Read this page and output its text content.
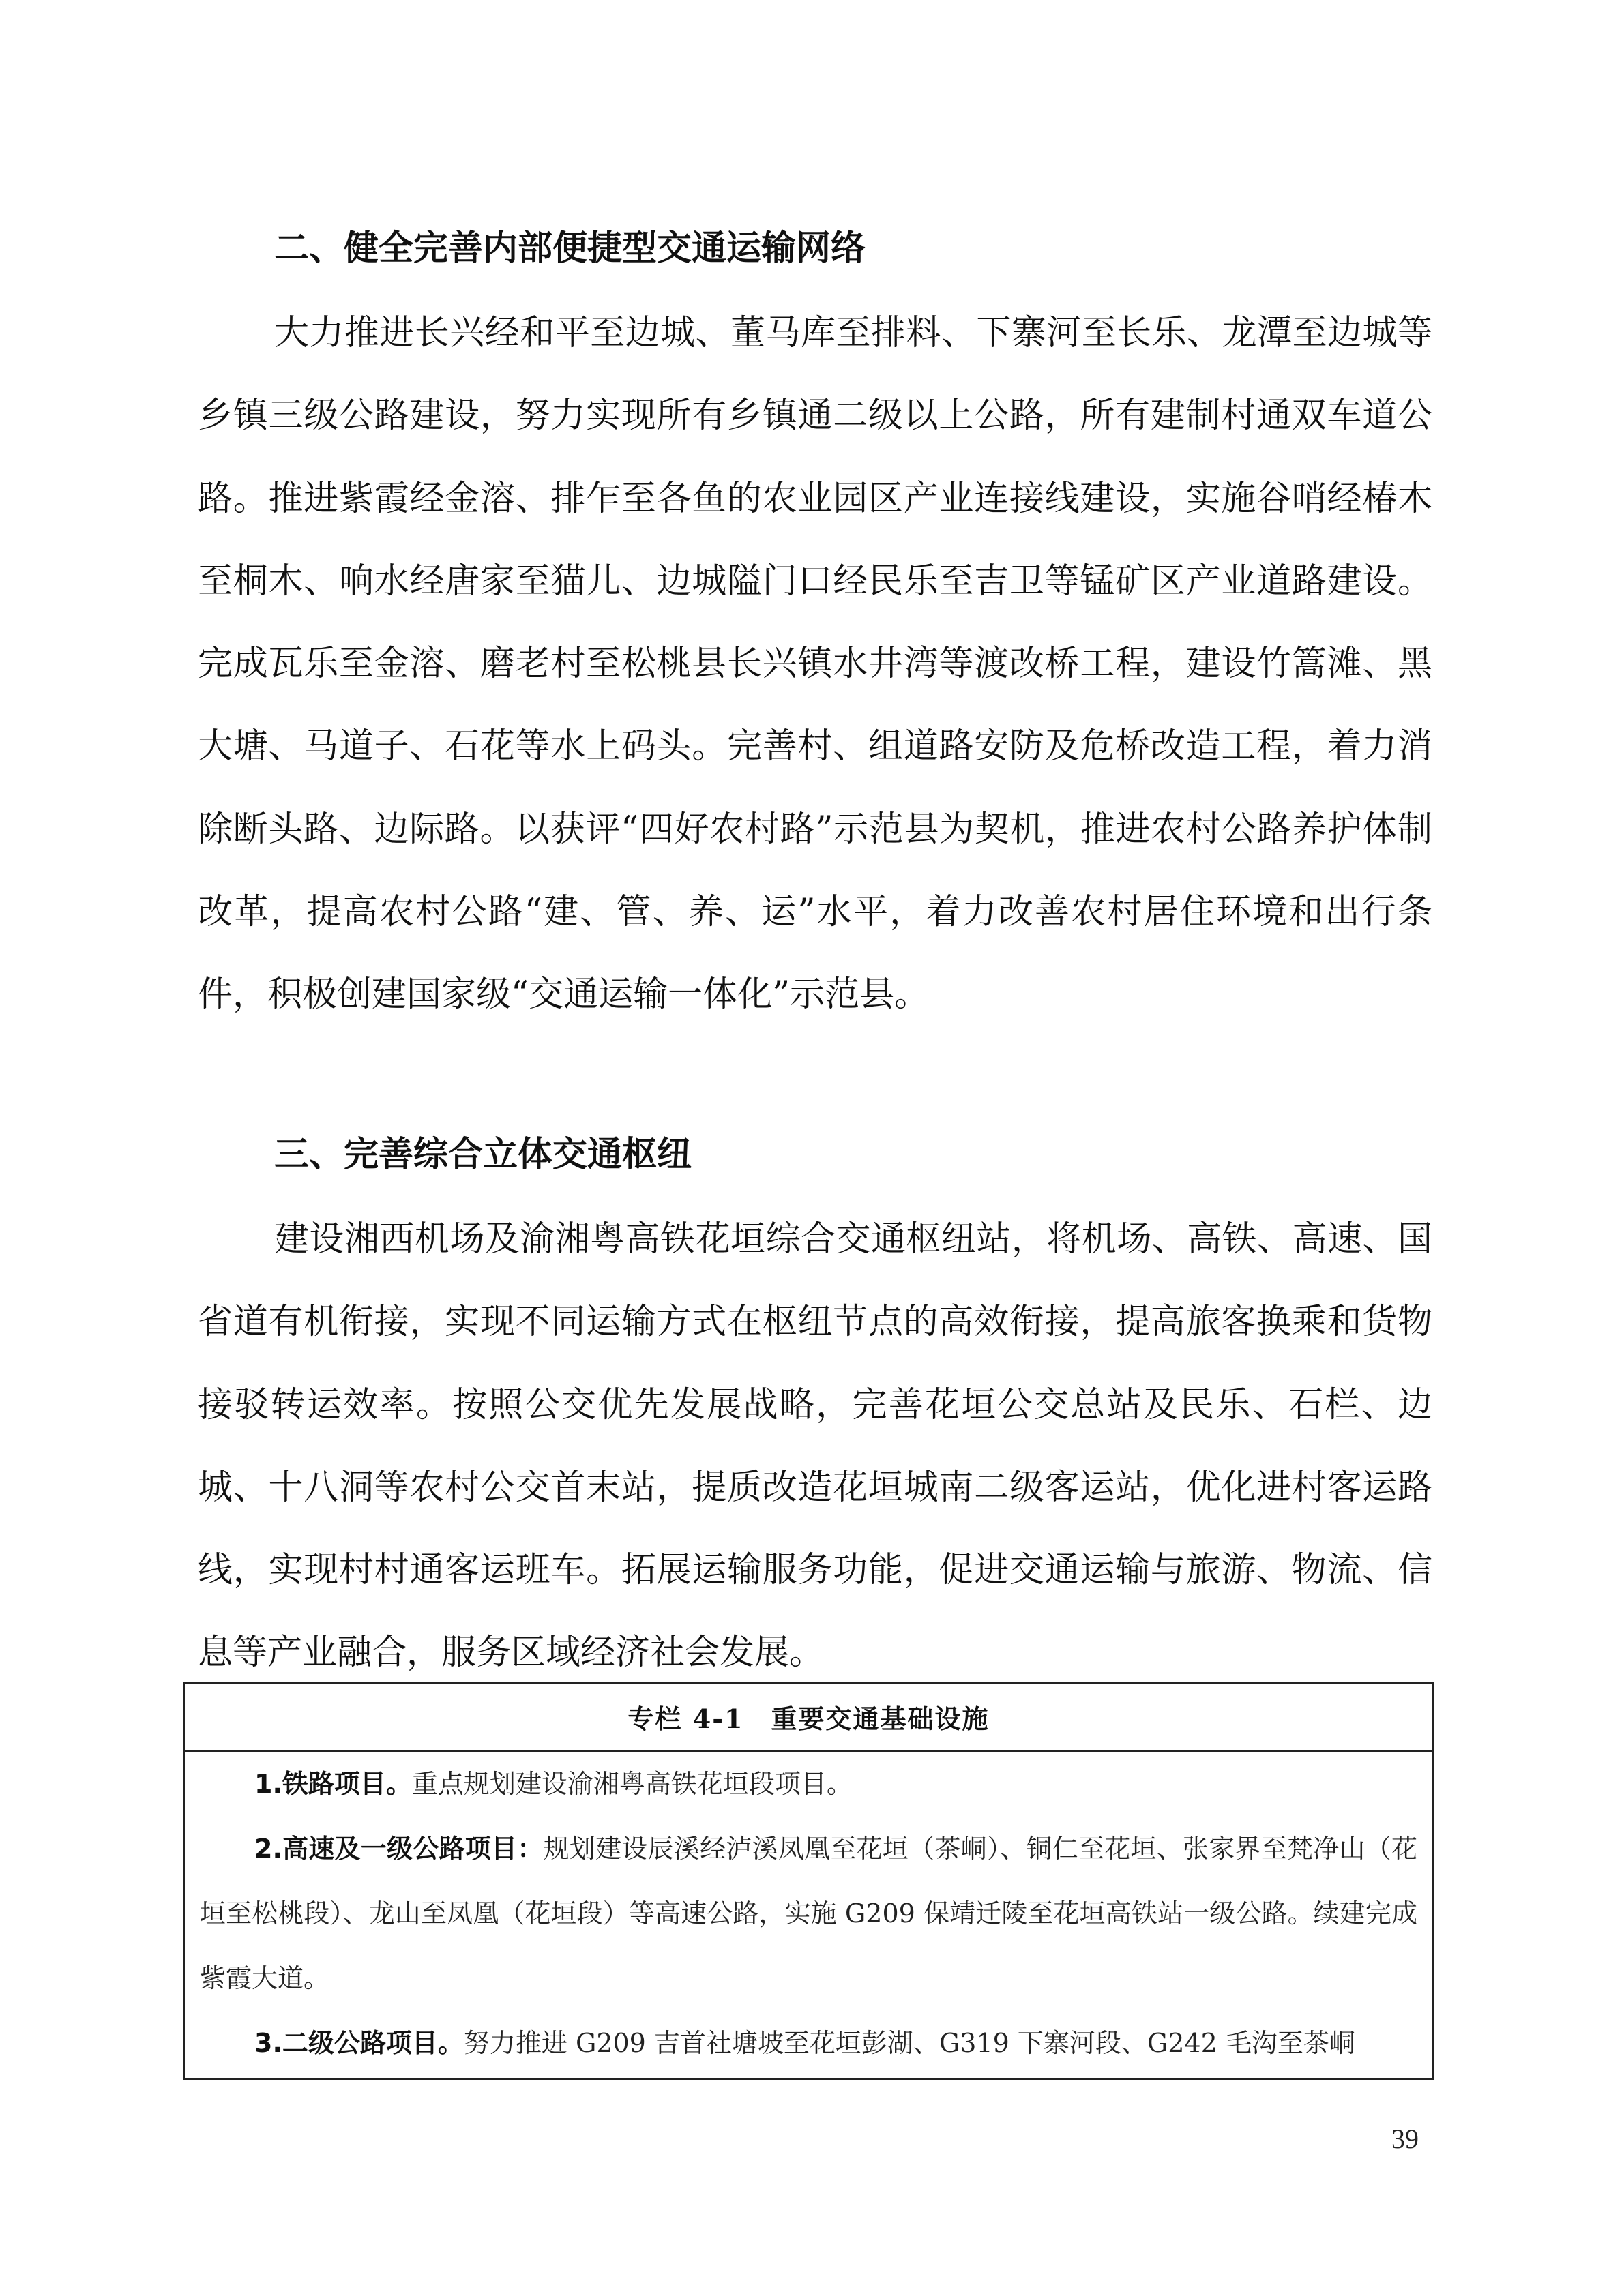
二、健全完善内部便捷型交通运输网络

大力推进长兴经和平至边城、董马库至排料、下寨河至长乐、龙潭至边城等乡镇三级公路建设，努力实现所有乡镇通二级以上公路，所有建制村通双车道公路。推进紫霞经金溶、排乍至各鱼的农业园区产业连接线建设，实施谷哨经椿木至桐木、响水经唐家至猫儿、边城隘门口经民乐至吉卫等锰矿区产业道路建设。完成瓦乐至金溶、磨老村至松桃县长兴镇水井湾等渡改桥工程，建设竹篙滩、黑大塘、马道子、石花等水上码头。完善村、组道路安防及危桥改造工程，着力消除断头路、边际路。以获评“四好农村路”示范县为契机，推进农村公路养护体制改革，提高农村公路“建、管、养、运”水平，着力改善农村居住环境和出行条件，积极创建国家级“交通运输一体化”示范县。

三、完善综合立体交通枢纽

建设湘西机场及渝湘粤高铁花垣综合交通枢纽站，将机场、高铁、高速、国省道有机衔接，实现不同运输方式在枢纽节点的高效衔接，提高旅客换乘和货物接驳转运效率。按照公交优先发展战略，完善花垣公交总站及民乐、石栏、边城、十八洞等农村公交首末站，提质改造花垣城南二级客运站，优化进村客运路线，实现村村通客运班车。拓展运输服务功能，促进交通运输与旅游、物流、信息等产业融合，服务区域经济社会发展。

专栏 4-1 重要交通基础设施

1.铁路项目。重点规划建设渝湘粤高铁花垣段项目。

2.高速及一级公路项目：规划建设辰溪经泸溪凤凰至花垣（茶峒）、铜仁至花垣、张家界至梵净山（花垣至松桃段）、龙山至凤凰（花垣段）等高速公路，实施 G209 保靖迁陵至花垣高铁站一级公路。续建完成紫霞大道。

3.二级公路项目。努力推进 G209 吉首社塘坡至花垣彭湖、G319 下寨河段、G242 毛沟至茶峒

39
